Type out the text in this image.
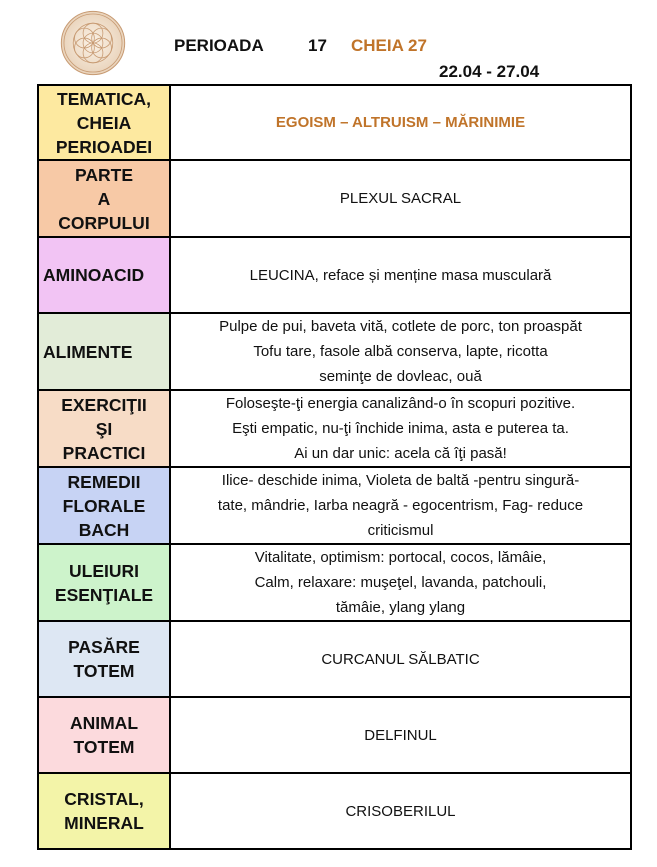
PERIOADA	17 CHEIA 27
22.04 - 27.04
TEMATICA,
CHEIA
PERIOADEI	EGOISM – ALTRUISM – MĂRINIMIE

PARTE
A
CORPULUI	PLEXUL SACRAL

AMINOACID	LEUCINA, reface și menține masa musculară

ALIMENTE	Pulpe de pui, baveta vită, cotlete de porc, ton proaspăt
Tofu tare, fasole albă conserva, lapte, ricotta
seminţe de dovleac, ouă

EXERCIŢII
ŞI
PRACTICI	Foloseşte-ţi energia canalizând-o în scopuri pozitive.
Eşti empatic, nu-ţi închide inima, asta e puterea ta.
Ai un dar unic: acela că îţi pasă!

REMEDII
FLORALE
BACH	Ilice- deschide inima, Violeta de baltă -pentru singură-
tate, mândrie, Iarba neagră - egocentrism, Fag- reduce
criticismul

ULEIURI
ESENŢIALE	Vitalitate, optimism: portocal, cocos, lămâie,
Calm, relaxare: muşeţel, lavanda, patchouli,
tămâie, ylang ylang

PASĂRE
TOTEM	CURCANUL SĂLBATIC

ANIMAL
TOTEM	DELFINUL

CRISTAL,
MINERAL	CRISOBERILUL
